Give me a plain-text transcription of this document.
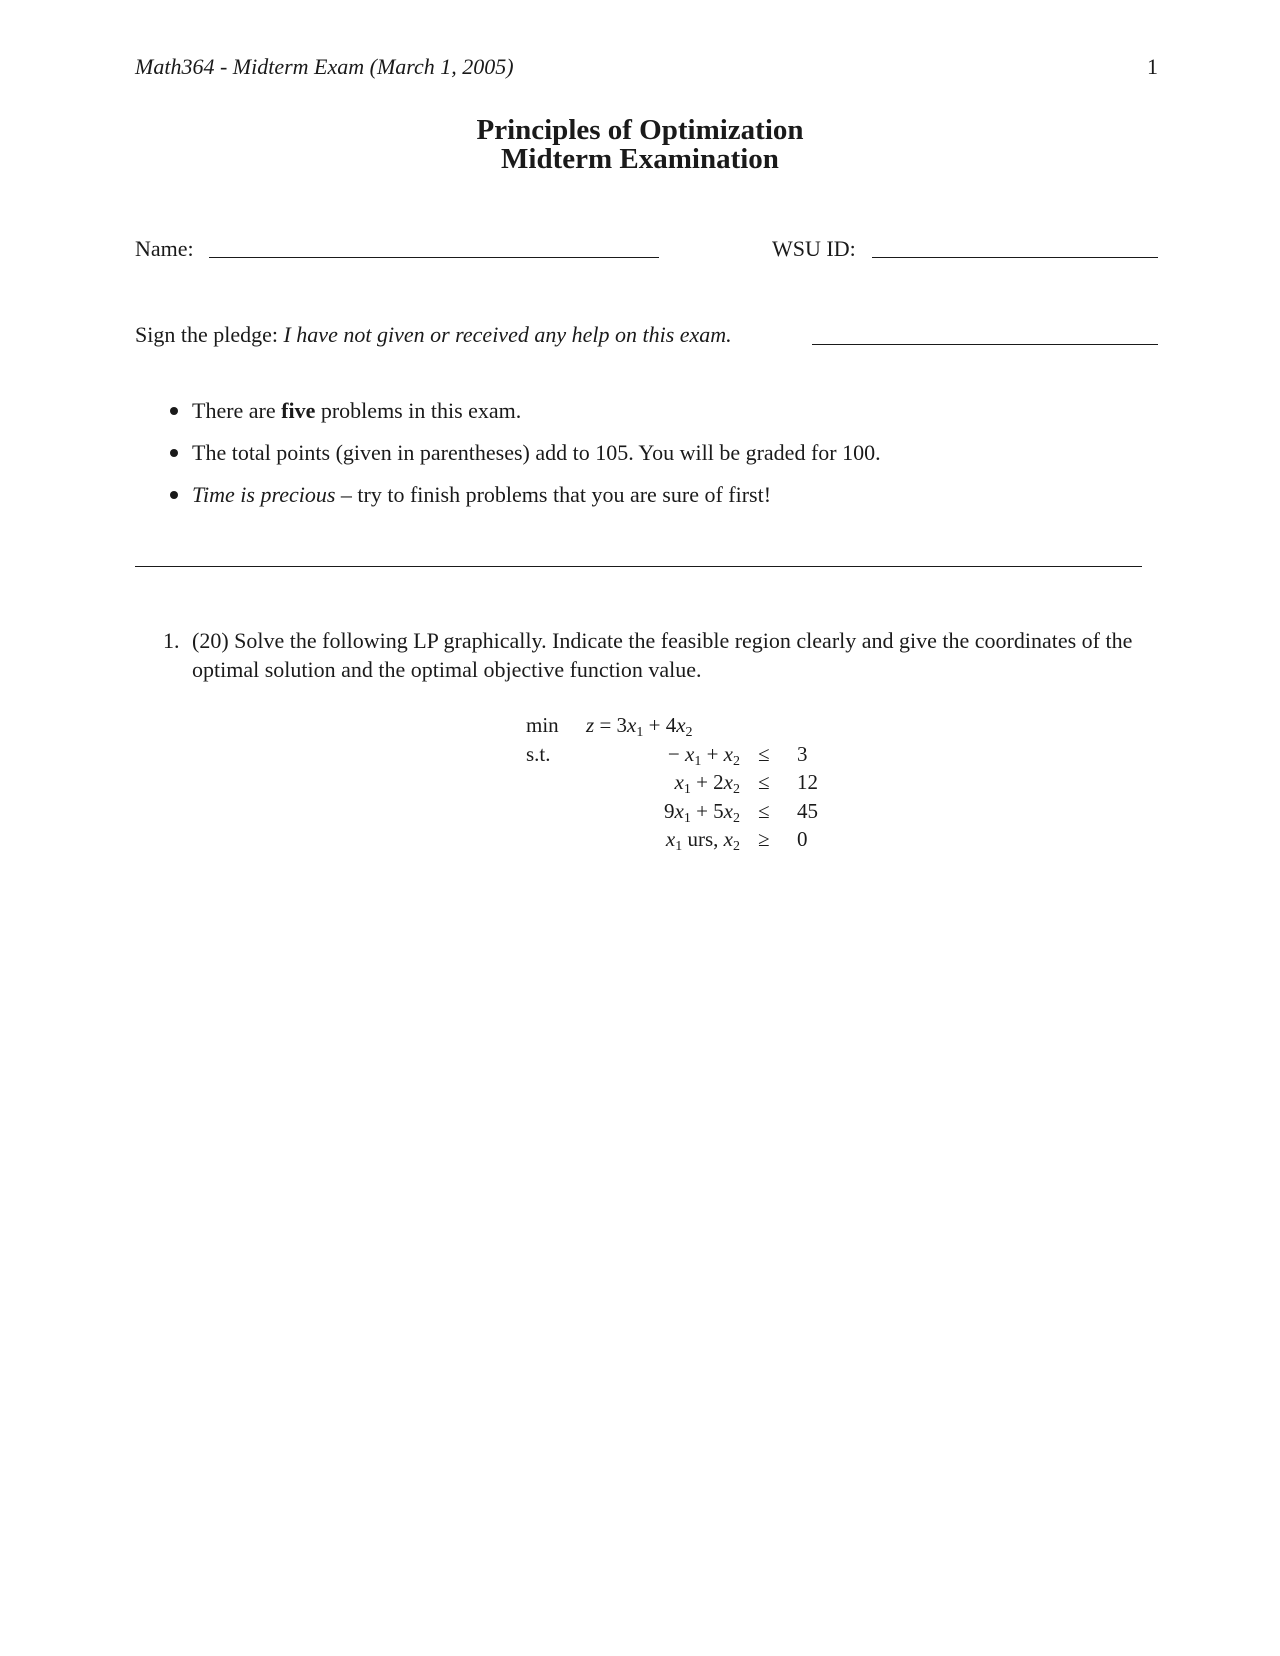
Math364 - Midterm Exam (March 1, 2005)	1
Principles of Optimization
Midterm Examination
Name:	WSU ID:
Sign the pledge: I have not given or received any help on this exam.
There are five problems in this exam.
The total points (given in parentheses) add to 105. You will be graded for 100.
Time is precious – try to finish problems that you are sure of first!
1. (20) Solve the following LP graphically. Indicate the feasible region clearly and give the coordinates of the optimal solution and the optimal objective function value.
min
s.t.
$z = 3x_1 + 4x_2$
− $x_1 + x_2$
$x_1 + 2x_2$
$9x_1 + 5x_2$
$x_1$ urs, $x_2$
≤
≤
≤
≥
3
12
45
0
